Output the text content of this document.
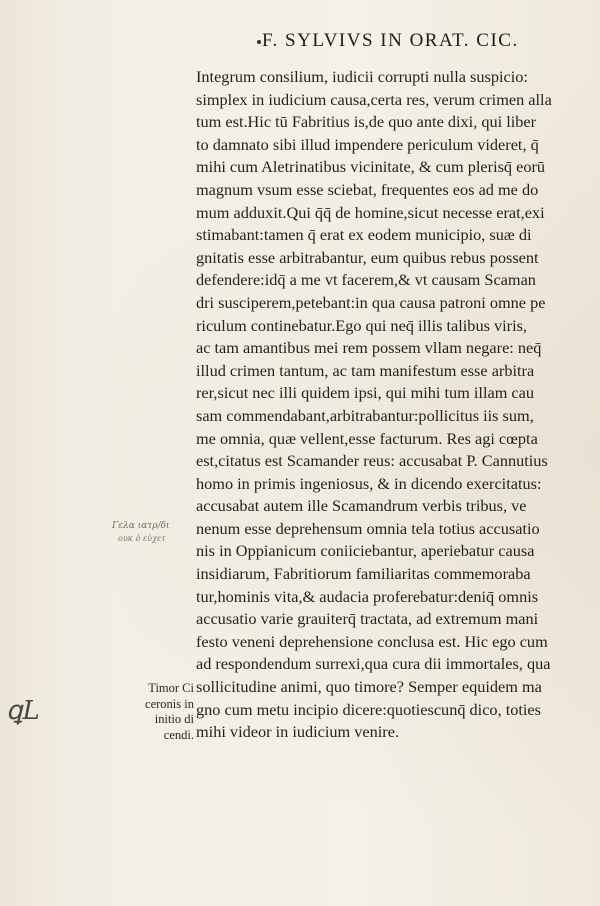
F. SYLVIVS IN ORAT. CIC.
Γελα ιατρ/δι
ουκ ὁ εὐχετ
Timor Ci
ceronis in
initio di
cendi.
ꝗL
Integrum consilium, iudicii corrupti nulla suspicio:
simplex in iudicium causa,certa res, verum crimen alla
tum est.Hic tū Fabritius is,de quo ante dixi, qui liber
to damnato sibi illud impendere periculum videret, q̄
mihi cum Aletrinatibus vicinitate, & cum plerisq̄ eorū
magnum vsum esse sciebat, frequentes eos ad me do
mum adduxit.Qui q̄q̄ de homine,sicut necesse erat,exi
stimabant:tamen q̄ erat ex eodem municipio, suæ di
gnitatis esse arbitrabantur, eum quibus rebus possent
defendere:idq̄ a me vt facerem,& vt causam Scaman
dri susciperem,petebant:in qua causa patroni omne pe
riculum continebatur.Ego qui neq̄ illis talibus viris,
ac tam amantibus mei rem possem vllam negare: neq̄
illud crimen tantum, ac tam manifestum esse arbitra
rer,sicut nec illi quidem ipsi, qui mihi tum illam cau
sam commendabant,arbitrabantur:pollicitus iis sum,
me omnia, quæ vellent,esse facturum. Res agi cœpta
est,citatus est Scamander reus: accusabat P. Cannutius
homo in primis ingeniosus, & in dicendo exercitatus:
accusabat autem ille Scamandrum verbis tribus, ve
nenum esse deprehensum omnia tela totius accusatio
nis in Oppianicum coniiciebantur, aperiebatur causa
insidiarum, Fabritiorum familiaritas commemoraba
tur,hominis vita,& audacia proferebatur:deniq̄ omnis
accusatio varie grauiterq̄ tractata, ad extremum mani
festo veneni deprehensione conclusa est. Hic ego cum
ad respondendum surrexi,qua cura dii immortales, qua
sollicitudine animi, quo timore? Semper equidem ma
gno cum metu incipio dicere:quotiescunq̄ dico, toties
mihi videor in iudicium venire.
